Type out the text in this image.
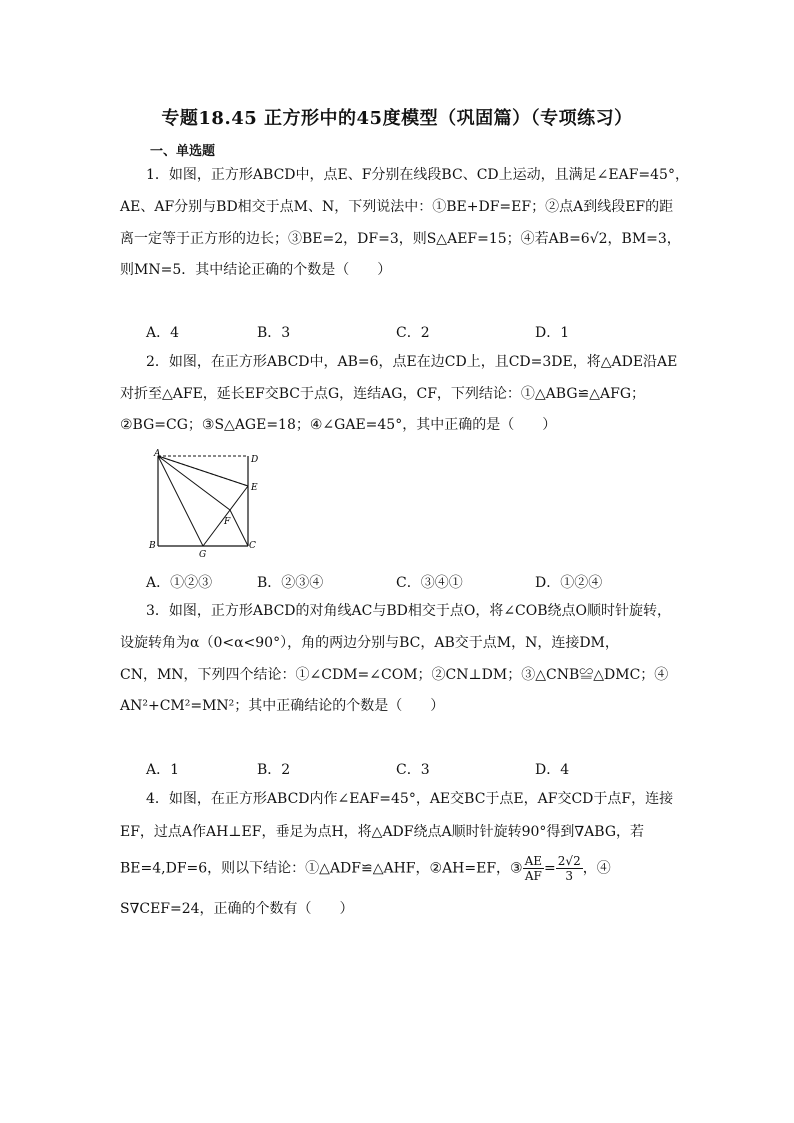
专题18.45 正方形中的45度模型（巩固篇）（专项练习）
一、单选题
1．如图，正方形ABCD中，点E、F分别在线段BC、CD上运动，且满足∠EAF=45°，
AE、AF分别与BD相交于点M、N，下列说法中：①BE+DF=EF；②点A到线段EF的距
离一定等于正方形的边长；③BE=2，DF=3，则S△AEF=15；④若AB=6√2，BM=3，
则MN=5．其中结论正确的个数是（　　）
A．4	B．3	C．2	D．1
2．如图，在正方形ABCD中，AB=6，点E在边CD上，且CD=3DE，将△ADE沿AE
对折至△AFE，延长EF交BC于点G，连结AG，CF，下列结论：①△ABG≌△AFG；
②BG=CG；③S△AGE=18；④∠GAE=45°，其中正确的是（　　）
A
D
E
F
B
G
C
A．①②③	B．②③④	C．③④①	D．①②④
3．如图，正方形ABCD的对角线AC与BD相交于点O，将∠COB绕点O顺时针旋转，
设旋转角为α（0<α<90°），角的两边分别与BC，AB交于点M，N，连接DM，
CN，MN，下列四个结论：①∠CDM=∠COM；②CN⊥DM；③△CNB≌△DMC；④
AN²+CM²=MN²；其中正确结论的个数是（　　）
A．1	B．2	C．3	D．4
4．如图，在正方形ABCD内作∠EAF=45°，AE交BC于点E，AF交CD于点F，连接
EF，过点A作AH⊥EF，垂足为点H，将△ADF绕点A顺时针旋转90°得到∇ABG，若
BE=4,DF=6，则以下结论：①△ADF≌△AHF，②AH=EF，③ $\frac{AE}{AF} = \frac{2√2}{3}$ ，④
S∇CEF=24，正确的个数有（　　）
